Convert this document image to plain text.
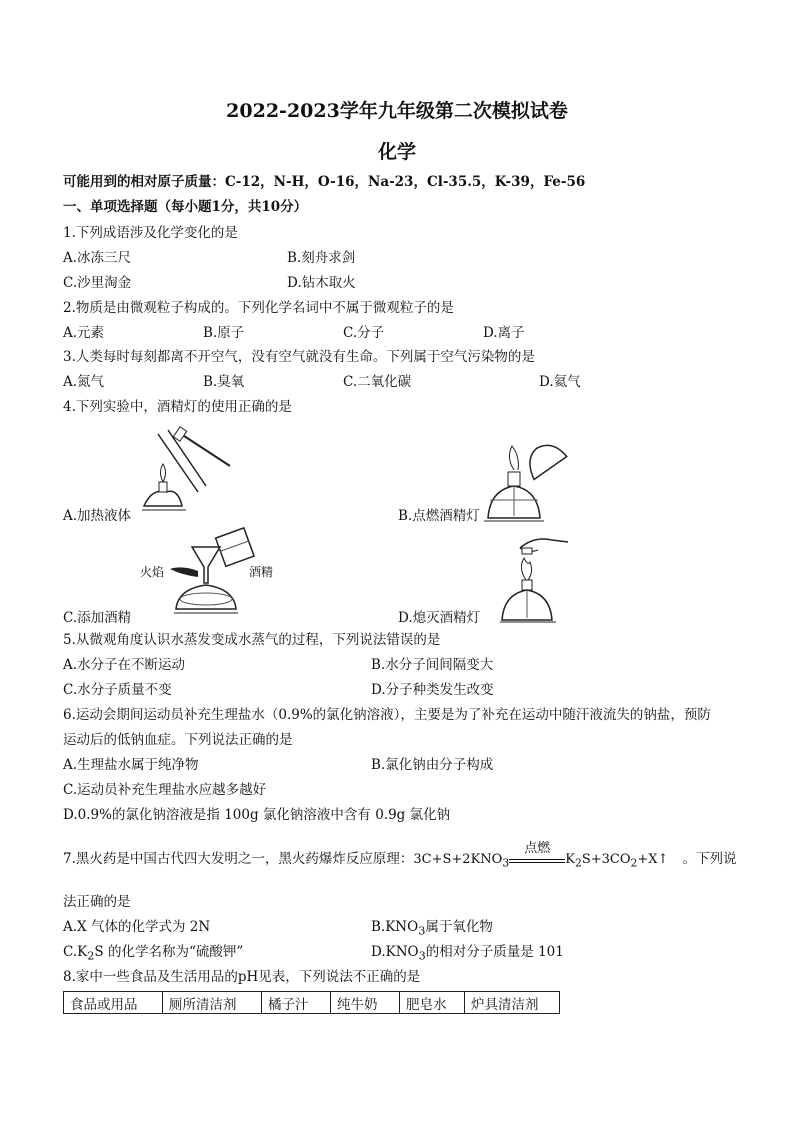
2022-2023学年九年级第二次模拟试卷
化学
可能用到的相对原子质量：C-12，N-H，O-16，Na-23，Cl-35.5，K-39，Fe-56
一、单项选择题（每小题1分，共10分）
1.下列成语涉及化学变化的是
A.冰冻三尺	B.刻舟求剑
C.沙里淘金	D.钻木取火
2.物质是由微观粒子构成的。下列化学名词中不属于微观粒子的是
A.元素	B.原子	C.分子	D.离子
3.人类每时每刻都离不开空气，没有空气就没有生命。下列属于空气污染物的是
A.氮气	B.臭氧	C.二氧化碳	D.氦气
4.下列实验中，酒精灯的使用正确的是
A.加热液体	B.点燃酒精灯
火焰	酒精
C.添加酒精	D.熄灭酒精灯
5.从微观角度认识水蒸发变成水蒸气的过程，下列说法错误的是
A.水分子在不断运动	B.水分子间间隔变大
C.水分子质量不变	D.分子种类发生改变
6.运动会期间运动员补充生理盐水（0.9%的氯化钠溶液），主要是为了补充在运动中随汗液流失的钠盐，预防
运动后的低钠血症。下列说法正确的是
A.生理盐水属于纯净物	B.氯化钠由分子构成
C.运动员补充生理盐水应越多越好
D.0.9%的氯化钠溶液是指 100g 氯化钠溶液中含有 0.9g 氯化钠
7.黑火药是中国古代四大发明之一，黑火药爆炸反应原理：$3C+S+2KNO_3$
点燃
$K_2S+3CO_2+X↑$ 。下列说
法正确的是
A.X 气体的化学式为 2N	$B.KNO_3$属于氧化物
$C.K_2S$ 的化学名称为“硫酸钾”	$D.KNO_3$的相对分子质量是 101
8.家中一些食品及生活用品的pH见表，下列说法不正确的是
食品或用品	厕所清洁剂	橘子汁	纯牛奶	肥皂水	炉具清洁剂
